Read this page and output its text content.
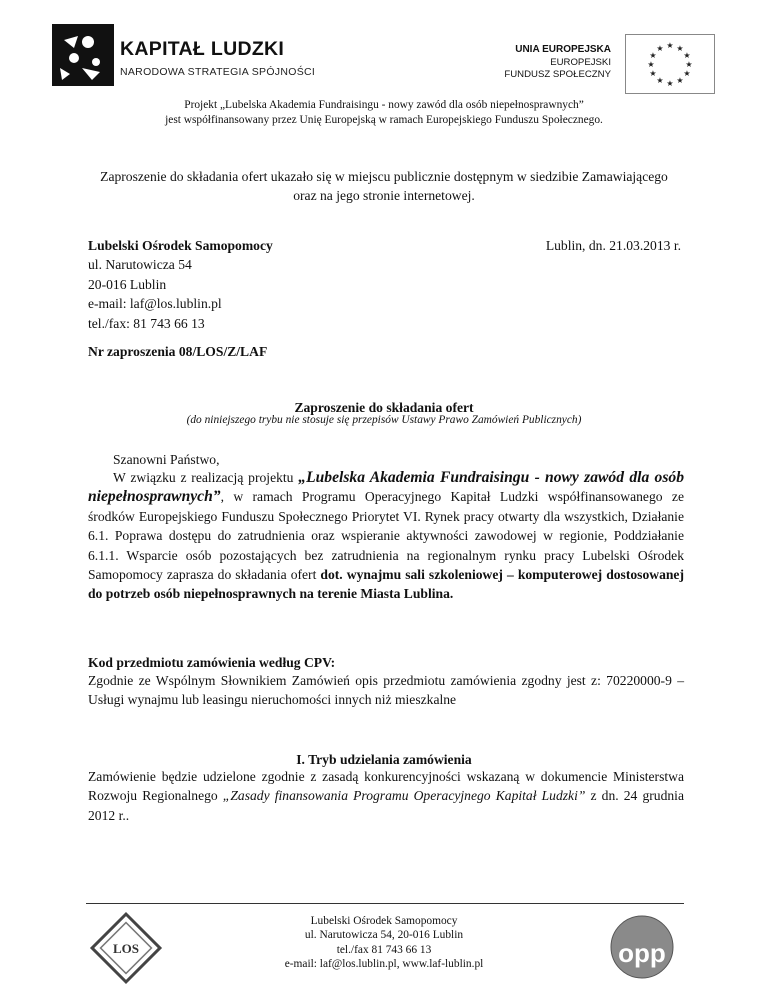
KAPITAŁ LUDZKI
NARODOWA STRATEGIA SPÓJNOŚCI
UNIA EUROPEJSKA
EUROPEJSKI
FUNDUSZ SPOŁECZNY
★ ★
★
★
★
★
★
★
★
★
★
★
Projekt „Lubelska Akademia Fundraisingu - nowy zawód dla osób niepełnosprawnych”
jest współfinansowany przez Unię Europejską w ramach Europejskiego Funduszu Społecznego.
Zaproszenie do składania ofert ukazało się w miejscu publicznie dostępnym w siedzibie Zamawiającego
oraz na jego stronie internetowej.
Lubelski Ośrodek Samopomocy
ul. Narutowicza 54
20-016 Lublin
e-mail: laf@los.lublin.pl
tel./fax: 81 743 66 13
Lublin, dn. 21.03.2013 r.
Nr zaproszenia 08/LOS/Z/LAF
Zaproszenie do składania ofert
(do niniejszego trybu nie stosuje się przepisów Ustawy Prawo Zamówień Publicznych)
Szanowni Państwo,
W związku z realizacją projektu „Lubelska Akademia Fundraisingu - nowy zawód dla osób niepełnosprawnych”, w ramach Programu Operacyjnego Kapitał Ludzki współfinansowanego ze środków Europejskiego Funduszu Społecznego Priorytet VI. Rynek pracy otwarty dla wszystkich, Działanie 6.1. Poprawa dostępu do zatrudnienia oraz wspieranie aktywności zawodowej w regionie, Poddziałanie 6.1.1. Wsparcie osób pozostających bez zatrudnienia na regionalnym rynku pracy Lubelski Ośrodek Samopomocy zaprasza do składania ofert dot. wynajmu sali szkoleniowej – komputerowej dostosowanej do potrzeb osób niepełnosprawnych na terenie Miasta Lublina.
Kod przedmiotu zamówienia według CPV:
Zgodnie ze Wspólnym Słownikiem Zamówień opis przedmiotu zamówienia zgodny jest z: 70220000-9 – Usługi wynajmu lub leasingu nieruchomości innych niż mieszkalne
I. Tryb udzielania zamówienia
Zamówienie będzie udzielone zgodnie z zasadą konkurencyjności wskazaną w dokumencie Ministerstwa Rozwoju Regionalnego „Zasady finansowania Programu Operacyjnego Kapitał Ludzki” z dn. 24 grudnia 2012 r..
LOS
Lubelski Ośrodek Samopomocy
ul. Narutowicza 54, 20-016 Lublin
tel./fax 81 743 66 13
e-mail: laf@los.lublin.pl, www.laf-lublin.pl	opp
